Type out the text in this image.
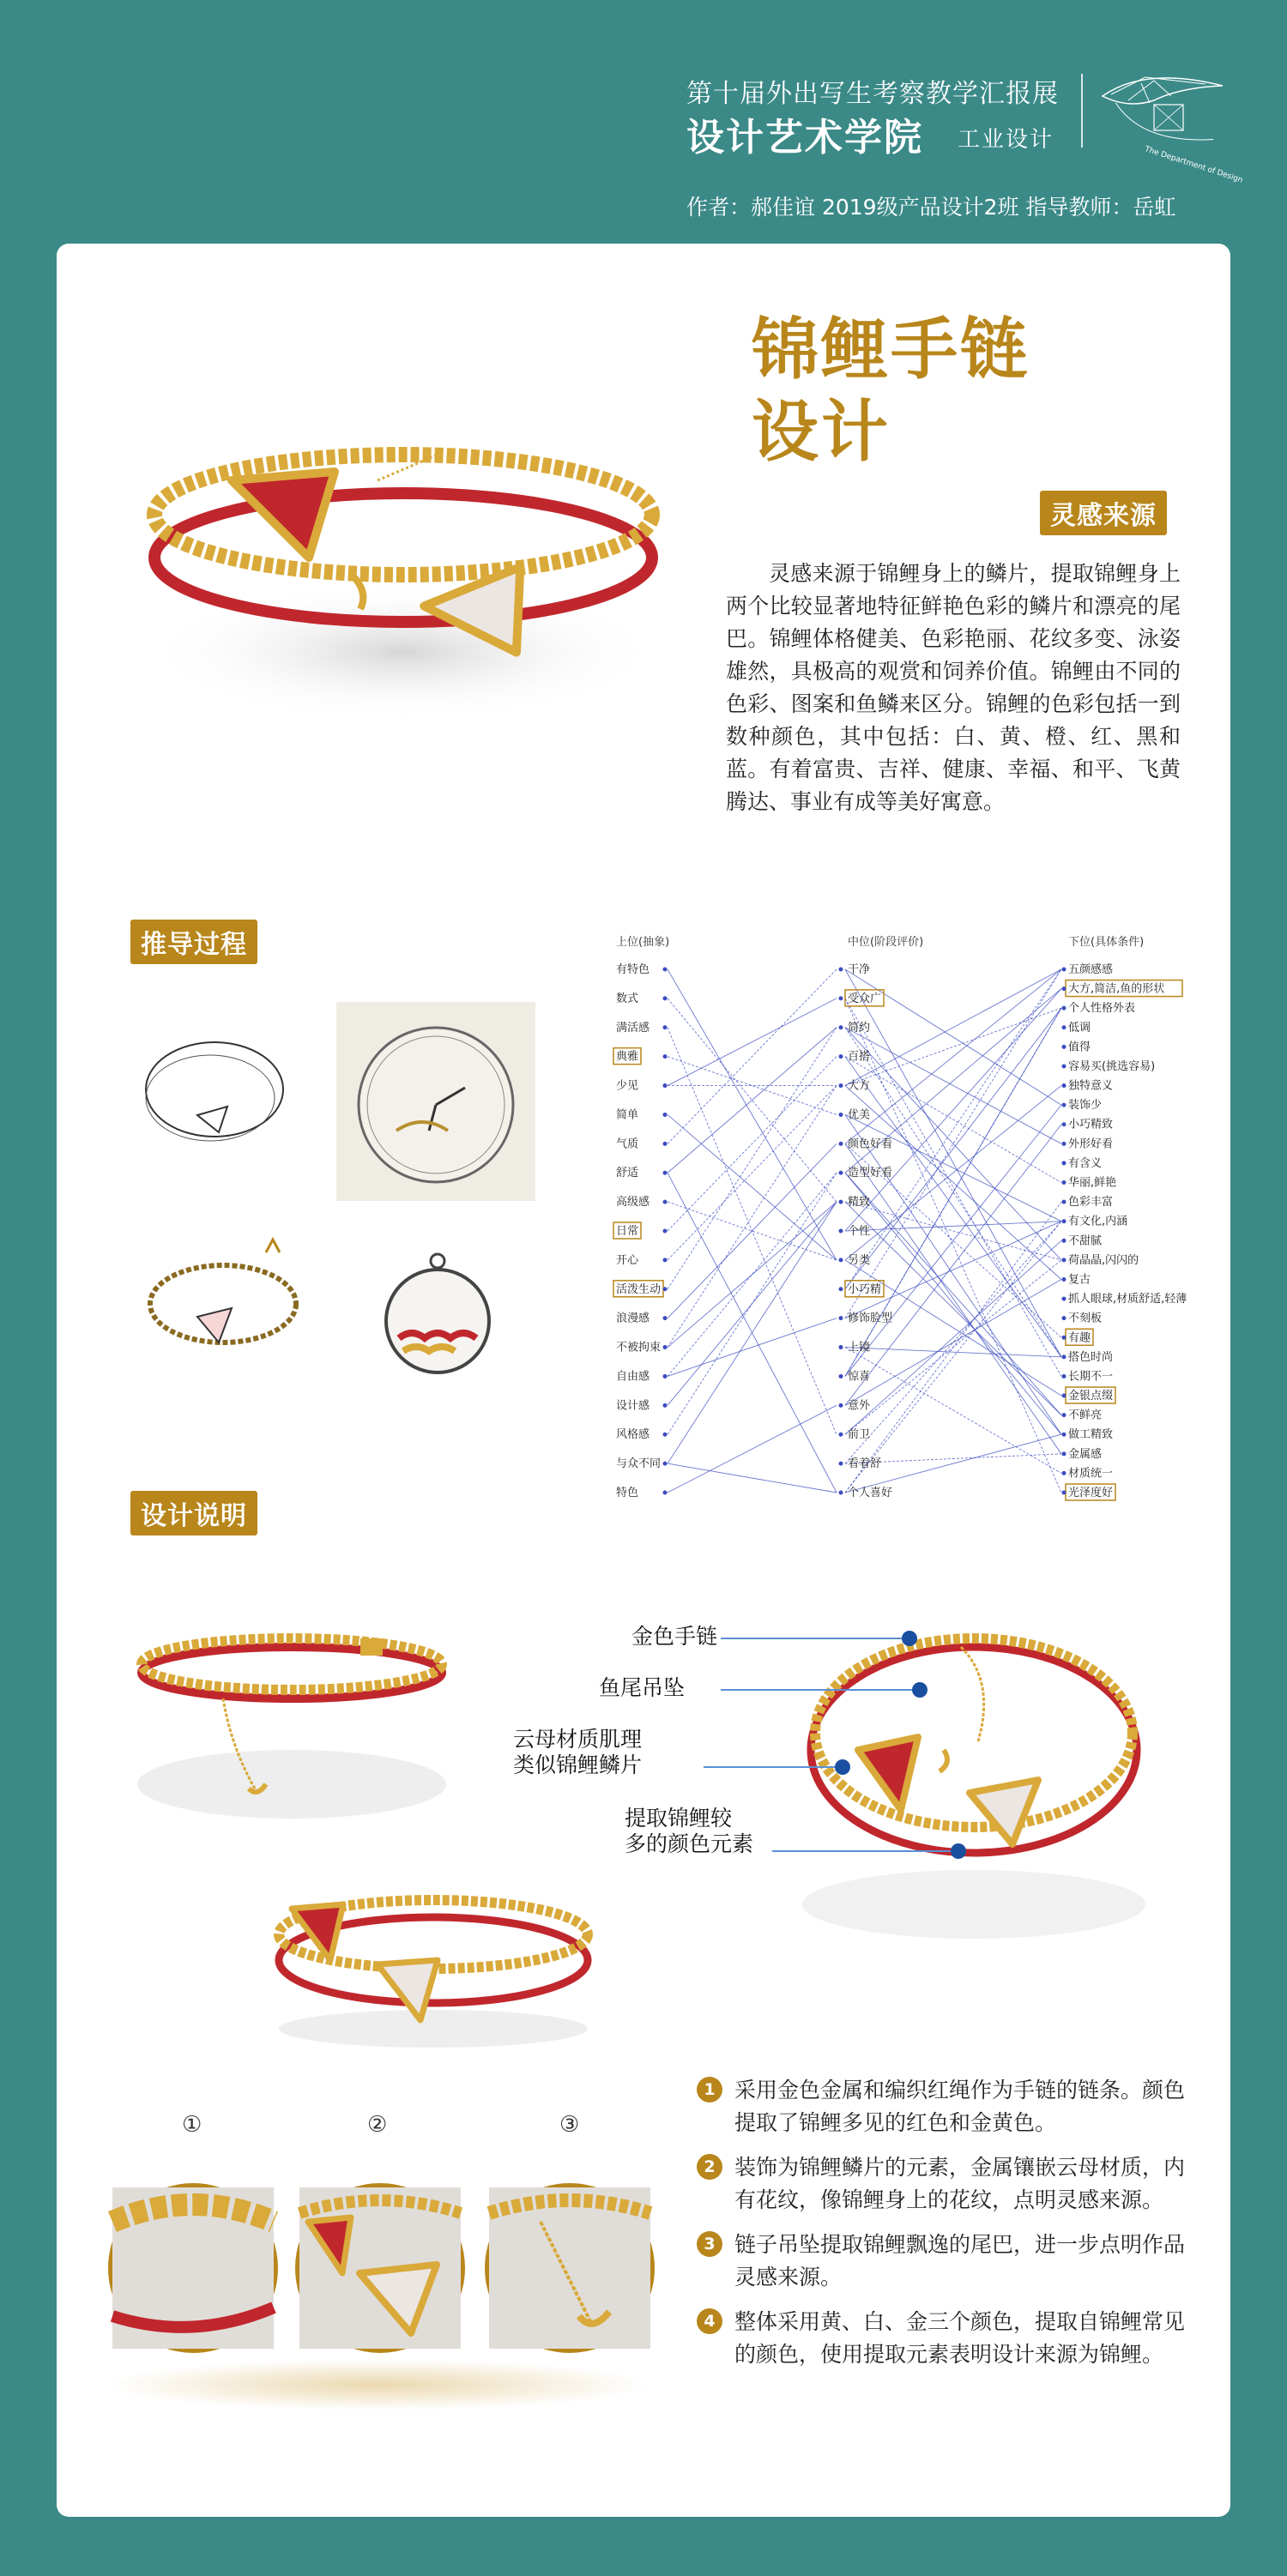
第十届外出写生考察教学汇报展
设计艺术学院 工业设计
作者：郝佳谊 2019级产品设计2班 指导教师：岳虹
The Department of Design
锦鲤手链
设计
灵感来源
灵感来源于锦鲤身上的鳞片，提取锦鲤身上两个比较显著地特征鲜艳色彩的鳞片和漂亮的尾巴。锦鲤体格健美、色彩艳丽、花纹多变、泳姿雄然，具极高的观赏和饲养价值。锦鲤由不同的色彩、图案和鱼鳞来区分。锦鲤的色彩包括一到数种颜色，其中包括：白、黄、橙、红、黑和蓝。有着富贵、吉祥、健康、幸福、和平、飞黄腾达、事业有成等美好寓意。
推导过程	上位(抽象)	中位(阶段评价)	下位(具体条件)
有特色
数式
满活感
典雅
少见
简单
气质
舒适
高级感
日常
开心
活泼生动
浪漫感
不被拘束
自由感
设计感
风格感
与众不同
特色
干净
受众广
简约
百搭
大方
优美
颜色好看
造型好看
精致
个性
另类
小巧精
修饰脸型
上镜
惊喜
意外
前卫
看着舒
个人喜好
五颜感感
大方,简洁,鱼的形状
个人性格外表
低调
值得
容易买(挑选容易)
独特意义
装饰少
小巧精致
外形好看
有含义
华丽,鲜艳
色彩丰富
有文化,内涵
不甜腻
荷晶晶,闪闪的
复古
抓人眼球,材质舒适,轻薄
不刻板
有趣
搭色时尚
长期不一
金银点缀
不鲜亮
做工精致
金属感
材质统一
光泽度好
设计说明
金色手链
鱼尾吊坠
云母材质肌理
类似锦鲤鳞片
提取锦鲤较
多的颜色元素
①	②	③
1 采用金色金属和编织红绳作为手链的链条。颜色提取了锦鲤多见的红色和金黄色。
2 装饰为锦鲤鳞片的元素，金属镶嵌云母材质，内有花纹，像锦鲤身上的花纹，点明灵感来源。
3 链子吊坠提取锦鲤飘逸的尾巴，进一步点明作品灵感来源。
4 整体采用黄、白、金三个颜色，提取自锦鲤常见的颜色，使用提取元素表明设计来源为锦鲤。
